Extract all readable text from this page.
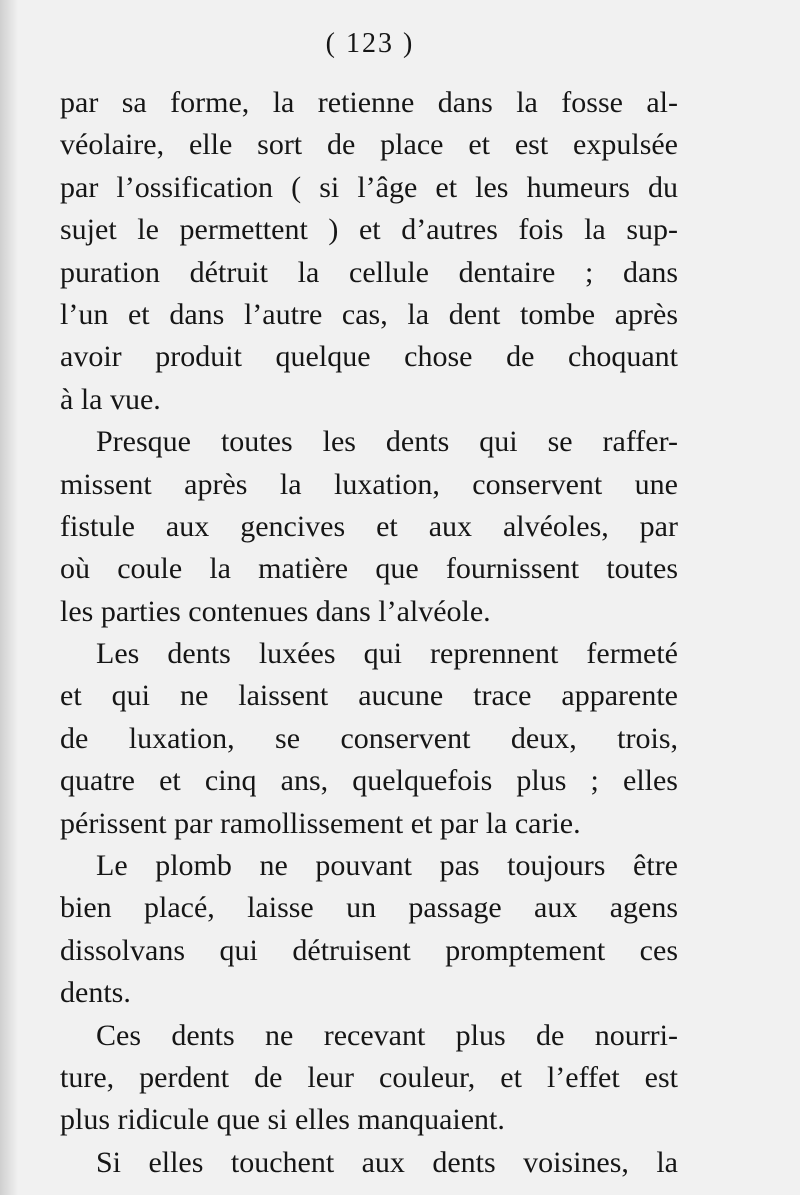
( 123 )
par sa forme, la retienne dans la fosse al-
véolaire, elle sort de place et est expulsée
par l’ossification ( si l’âge et les humeurs du
sujet le permettent ) et d’autres fois la sup-
puration détruit la cellule dentaire ; dans
l’un et dans l’autre cas, la dent tombe après
avoir produit quelque chose de choquant
à la vue.
Presque toutes les dents qui se raffer-
missent après la luxation, conservent une
fistule aux gencives et aux alvéoles, par
où coule la matière que fournissent toutes
les parties contenues dans l’alvéole.
Les dents luxées qui reprennent fermeté
et qui ne laissent aucune trace apparente
de luxation, se conservent deux, trois,
quatre et cinq ans, quelquefois plus ; elles
périssent par ramollissement et par la carie.
Le plomb ne pouvant pas toujours être
bien placé, laisse un passage aux agens
dissolvans qui détruisent promptement ces
dents.
Ces dents ne recevant plus de nourri-
ture, perdent de leur couleur, et l’effet est
plus ridicule que si elles manquaient.
Si elles touchent aux dents voisines, la
